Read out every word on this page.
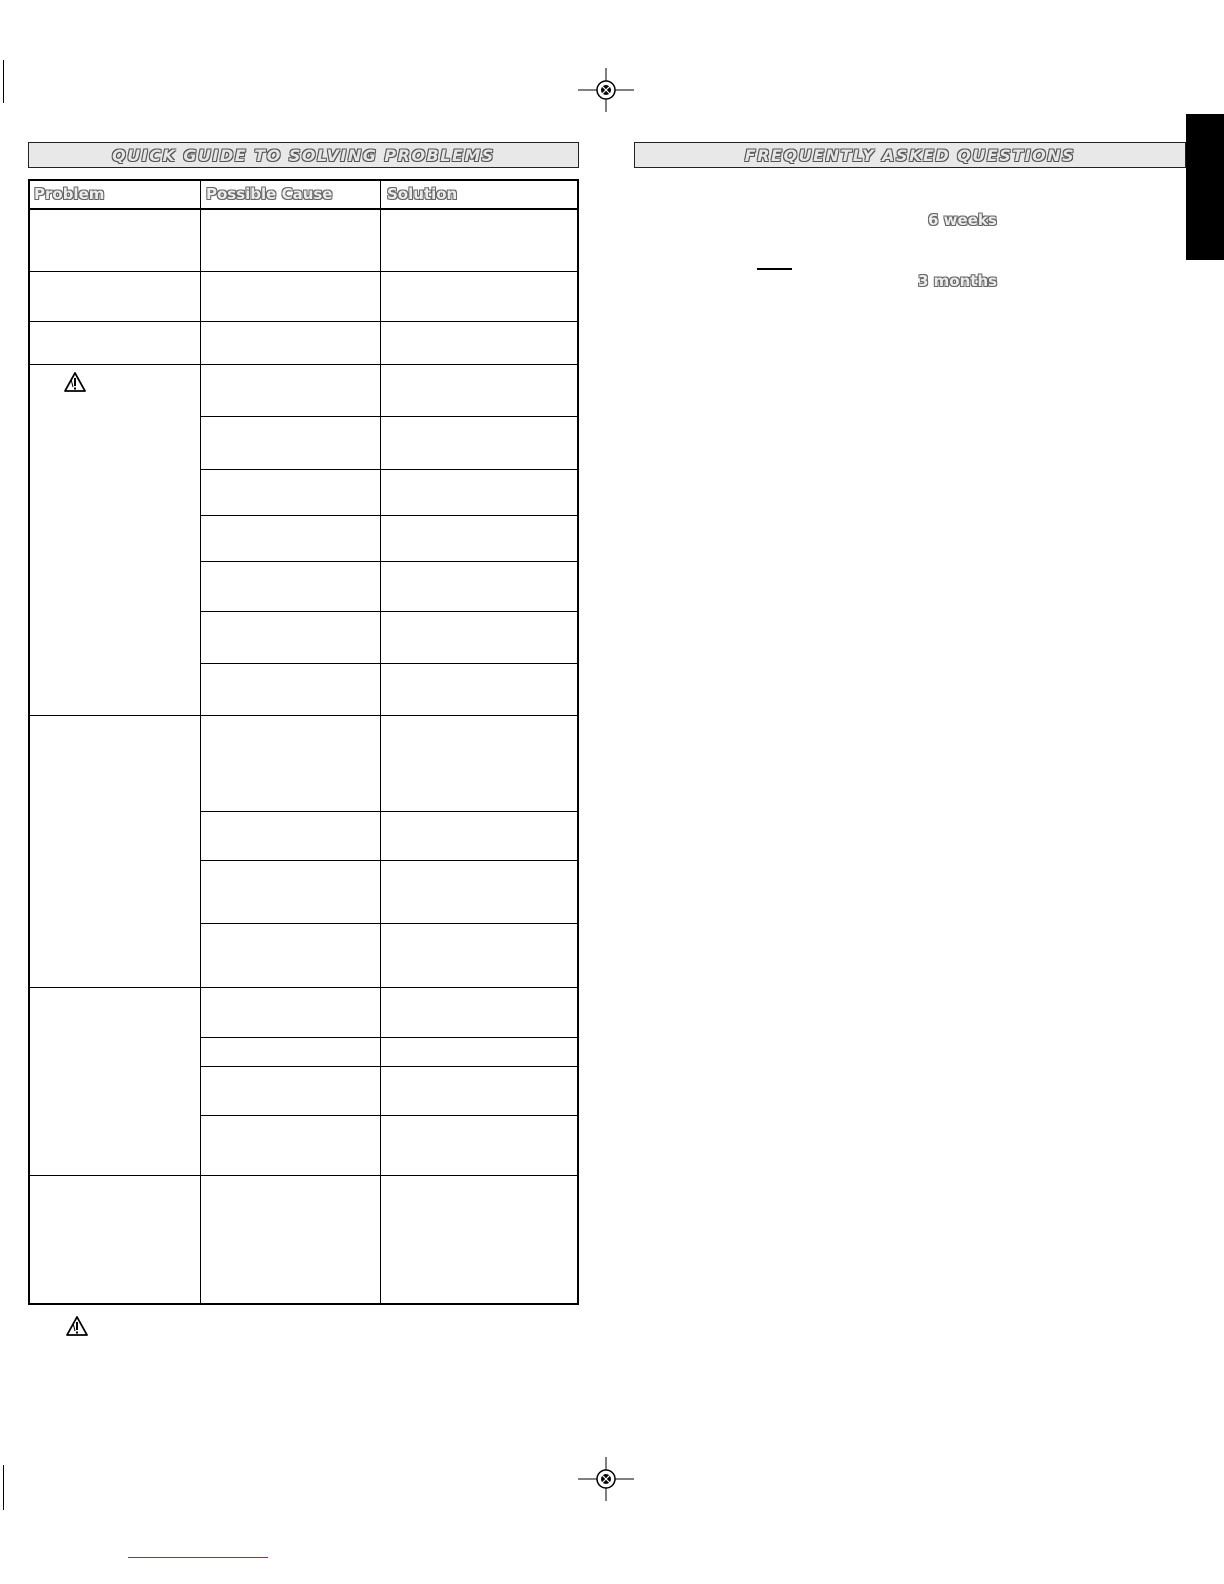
QUICK GUIDE TO SOLVING PROBLEMS	FREQUENTLY ASKED QUESTIONS
Problem	Possible Cause	Solution
6 weeks
3 months
